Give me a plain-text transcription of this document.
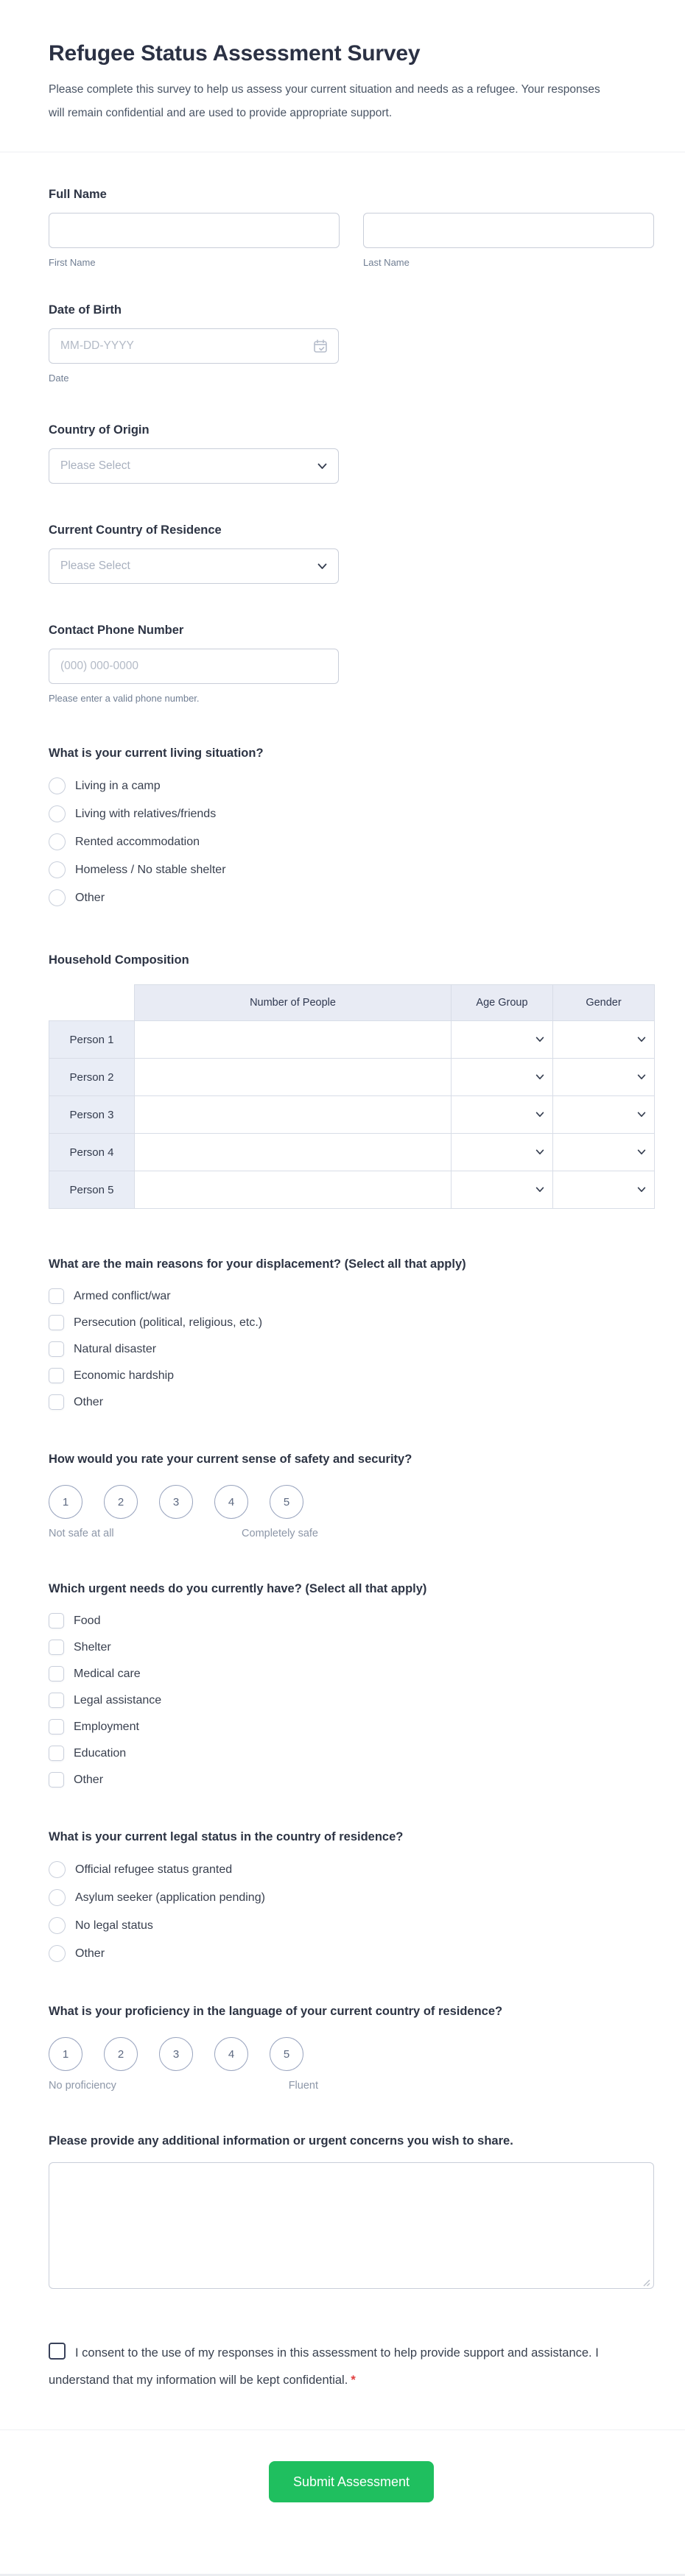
Refugee Status Assessment Survey
Please complete this survey to help us assess your current situation and needs as a refugee. Your responses will remain confidential and are used to provide appropriate support.
Full Name
First Name	Last Name
Date of Birth
MM-DD-YYYY
Date
Country of Origin
Please Select
Current Country of Residence
Please Select
Contact Phone Number
(000) 000-0000
Please enter a valid phone number.
What is your current living situation?
Living in a camp
Living with relatives/friends
Rented accommodation
Homeless / No stable shelter
Other
Household Composition
	Number of People	Age Group	Gender
Person 1		

Person 2		

Person 3		

Person 4		

Person 5		

What are the main reasons for your displacement? (Select all that apply)
Armed conflict/war
Persecution (political, religious, etc.)
Natural disaster
Economic hardship
Other
How would you rate your current sense of safety and security?
1	2	3	4	5
Not safe at all	Completely safe
Which urgent needs do you currently have? (Select all that apply)
Food
Shelter
Medical care
Legal assistance
Employment
Education
Other
What is your current legal status in the country of residence?
Official refugee status granted
Asylum seeker (application pending)
No legal status
Other
What is your proficiency in the language of your current country of residence?
1	2	3	4	5
No proficiency	Fluent
Please provide any additional information or urgent concerns you wish to share.
I consent to the use of my responses in this assessment to help provide support and assistance. I understand that my information will be kept confidential. *
Submit Assessment
